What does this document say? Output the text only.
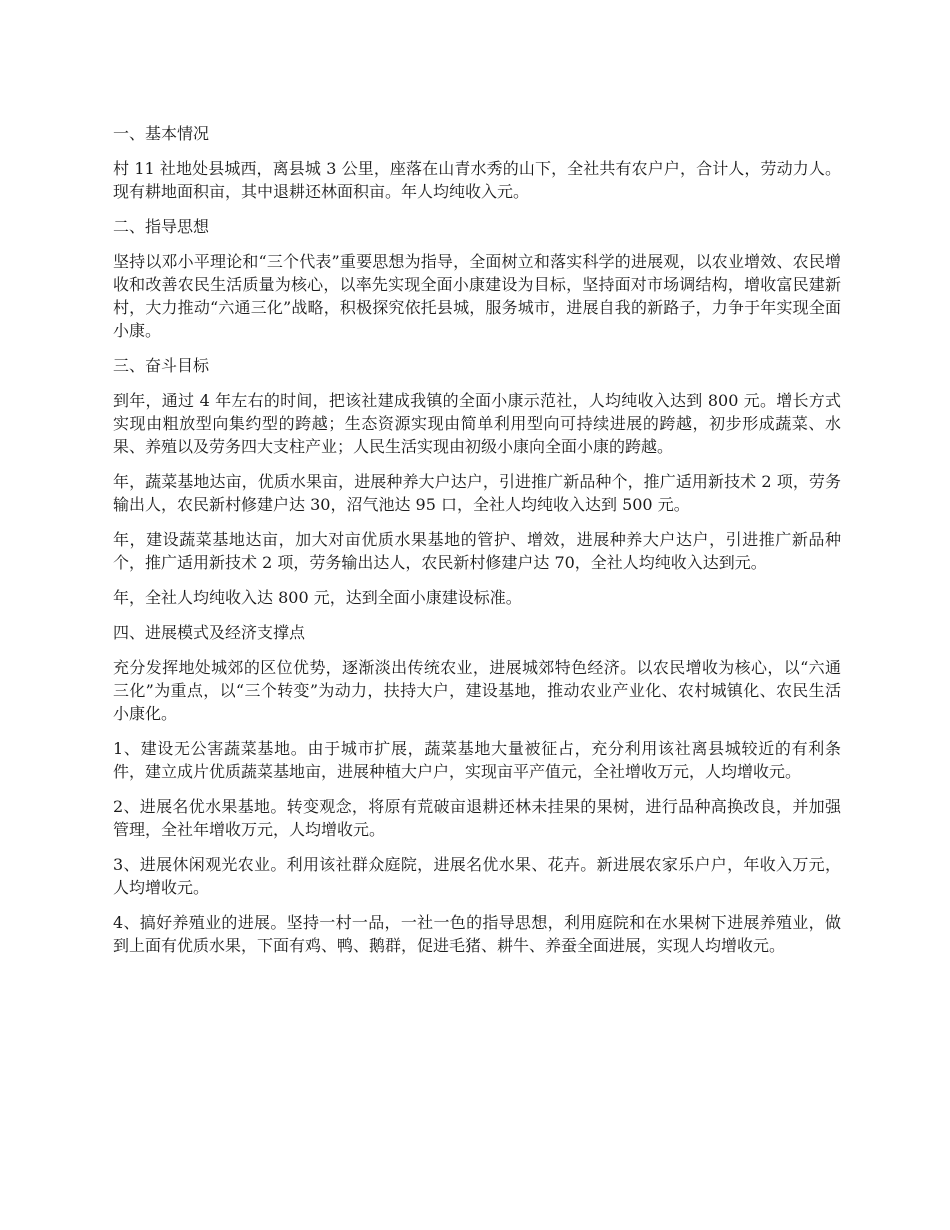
一、基本情况
村 11 社地处县城西，离县城 3 公里，座落在山青水秀的山下，全社共有农户户，合计人，劳动力人。现有耕地面积亩，其中退耕还林面积亩。年人均纯收入元。
二、指导思想
坚持以邓小平理论和“三个代表”重要思想为指导，全面树立和落实科学的进展观，以农业增效、农民增收和改善农民生活质量为核心，以率先实现全面小康建设为目标，坚持面对市场调结构，增收富民建新村，大力推动“六通三化”战略，积极探究依托县城，服务城市，进展自我的新路子，力争于年实现全面小康。
三、奋斗目标
到年，通过 4 年左右的时间，把该社建成我镇的全面小康示范社，人均纯收入达到 800 元。增长方式实现由粗放型向集约型的跨越；生态资源实现由简单利用型向可持续进展的跨越，初步形成蔬菜、水果、养殖以及劳务四大支柱产业；人民生活实现由初级小康向全面小康的跨越。
年，蔬菜基地达亩，优质水果亩，进展种养大户达户，引进推广新品种个，推广适用新技术 2 项，劳务输出人，农民新村修建户达 30，沼气池达 95 口，全社人均纯收入达到 500 元。
年，建设蔬菜基地达亩，加大对亩优质水果基地的管护、增效，进展种养大户达户，引进推广新品种个，推广适用新技术 2 项，劳务输出达人，农民新村修建户达 70，全社人均纯收入达到元。
年，全社人均纯收入达 800 元，达到全面小康建设标准。
四、进展模式及经济支撑点
充分发挥地处城郊的区位优势，逐渐淡出传统农业，进展城郊特色经济。以农民增收为核心，以“六通三化”为重点，以“三个转变”为动力，扶持大户，建设基地，推动农业产业化、农村城镇化、农民生活小康化。
1、建设无公害蔬菜基地。由于城市扩展，蔬菜基地大量被征占，充分利用该社离县城较近的有利条件，建立成片优质蔬菜基地亩，进展种植大户户，实现亩平产值元，全社增收万元，人均增收元。
2、进展名优水果基地。转变观念，将原有荒破亩退耕还林未挂果的果树，进行品种高换改良，并加强管理，全社年增收万元，人均增收元。
3、进展休闲观光农业。利用该社群众庭院，进展名优水果、花卉。新进展农家乐户户，年收入万元，人均增收元。
4、搞好养殖业的进展。坚持一村一品，一社一色的指导思想，利用庭院和在水果树下进展养殖业，做到上面有优质水果，下面有鸡、鸭、鹅群，促进毛猪、耕牛、养蚕全面进展，实现人均增收元。
